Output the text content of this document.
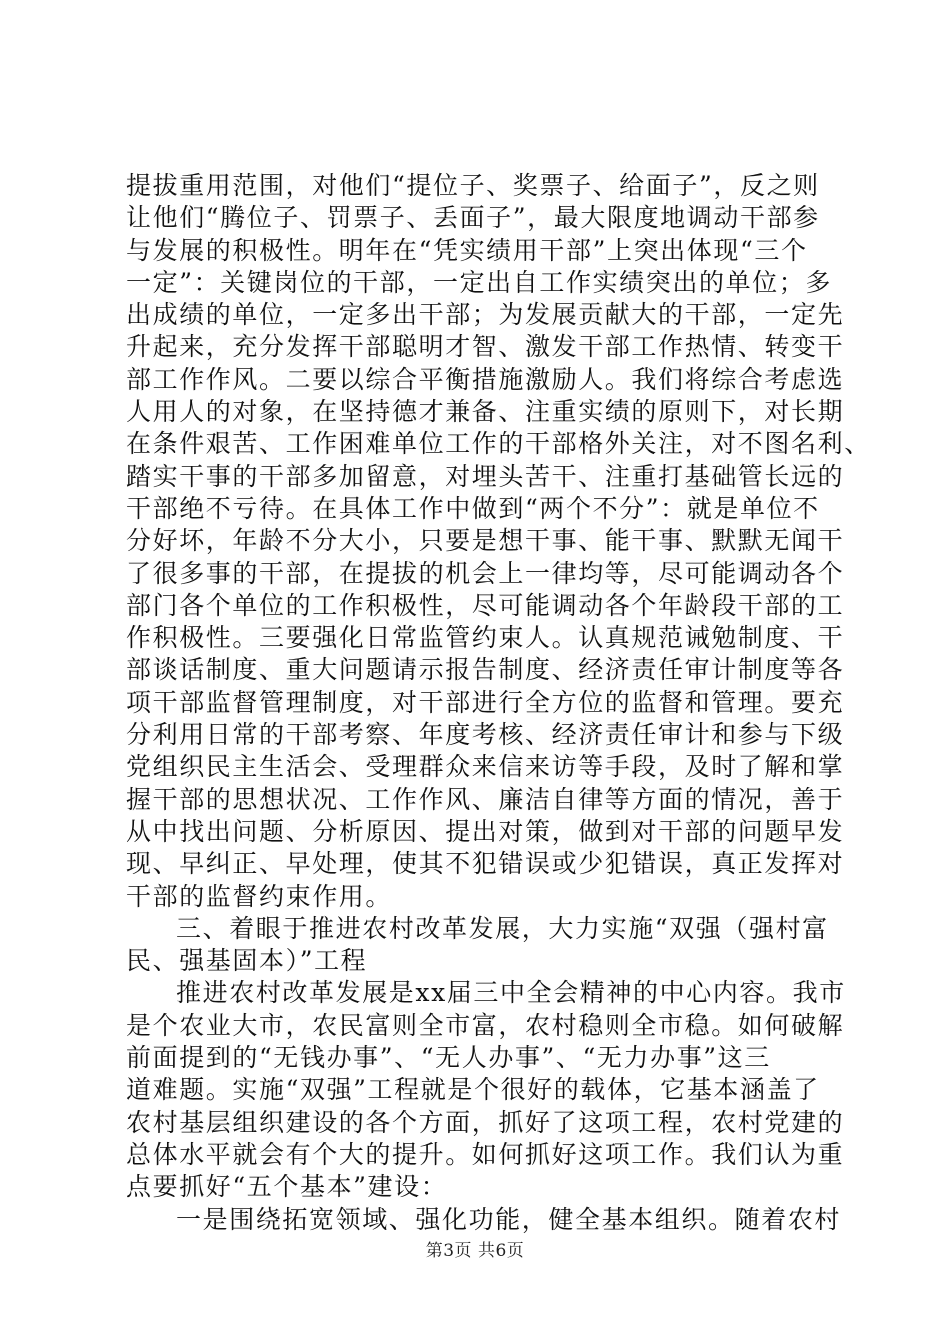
提拔重用范围，对他们“提位子、奖票子、给面子”，反之则
让他们“腾位子、罚票子、丢面子”，最大限度地调动干部参
与发展的积极性。明年在“凭实绩用干部”上突出体现“三个
一定”：关键岗位的干部，一定出自工作实绩突出的单位；多
出成绩的单位，一定多出干部；为发展贡献大的干部，一定先
升起来，充分发挥干部聪明才智、激发干部工作热情、转变干
部工作作风。二要以综合平衡措施激励人。我们将综合考虑选
人用人的对象，在坚持德才兼备、注重实绩的原则下，对长期
在条件艰苦、工作困难单位工作的干部格外关注，对不图名利、
踏实干事的干部多加留意，对埋头苦干、注重打基础管长远的
干部绝不亏待。在具体工作中做到“两个不分”：就是单位不
分好坏，年龄不分大小，只要是想干事、能干事、默默无闻干
了很多事的干部，在提拔的机会上一律均等，尽可能调动各个
部门各个单位的工作积极性，尽可能调动各个年龄段干部的工
作积极性。三要强化日常监管约束人。认真规范诫勉制度、干
部谈话制度、重大问题请示报告制度、经济责任审计制度等各
项干部监督管理制度，对干部进行全方位的监督和管理。要充
分利用日常的干部考察、年度考核、经济责任审计和参与下级
党组织民主生活会、受理群众来信来访等手段，及时了解和掌
握干部的思想状况、工作作风、廉洁自律等方面的情况，善于
从中找出问题、分析原因、提出对策，做到对干部的问题早发
现、早纠正、早处理，使其不犯错误或少犯错误，真正发挥对
干部的监督约束作用。
三、着眼于推进农村改革发展，大力实施“双强（强村富
民、强基固本）”工程
推进农村改革发展是xx届三中全会精神的中心内容。我市
是个农业大市，农民富则全市富，农村稳则全市稳。如何破解
前面提到的“无钱办事”、“无人办事”、“无力办事”这三
道难题。实施“双强”工程就是个很好的载体，它基本涵盖了
农村基层组织建设的各个方面，抓好了这项工程，农村党建的
总体水平就会有个大的提升。如何抓好这项工作。我们认为重
点要抓好“五个基本”建设：
一是围绕拓宽领域、强化功能，健全基本组织。随着农村
第3页 共6页
